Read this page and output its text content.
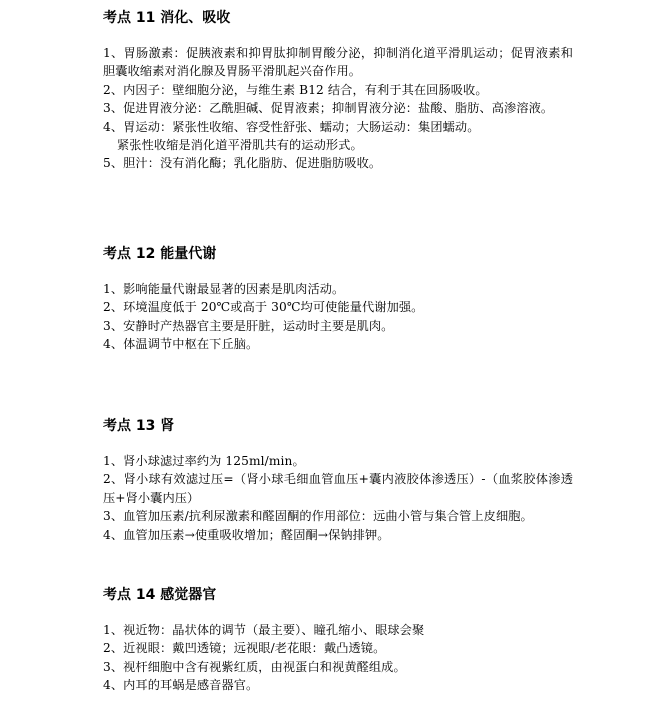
考点 11 消化、吸收
1、胃肠激素：促胰液素和抑胃肽抑制胃酸分泌，抑制消化道平滑肌运动；促胃液素和胆囊收缩素对消化腺及胃肠平滑肌起兴奋作用。
2、内因子：壁细胞分泌，与维生素 B12 结合，有利于其在回肠吸收。
3、促进胃液分泌：乙酰胆碱、促胃液素；抑制胃液分泌：盐酸、脂肪、高渗溶液。
4、胃运动：紧张性收缩、容受性舒张、蠕动；大肠运动：集团蠕动。
紧张性收缩是消化道平滑肌共有的运动形式。
5、胆汁：没有消化酶；乳化脂肪、促进脂肪吸收。
考点 12 能量代谢
1、影响能量代谢最显著的因素是肌肉活动。
2、环境温度低于 20℃或高于 30℃均可使能量代谢加强。
3、安静时产热器官主要是肝脏，运动时主要是肌肉。
4、体温调节中枢在下丘脑。
考点 13 肾
1、肾小球滤过率约为 125ml/min。
2、肾小球有效滤过压=（肾小球毛细血管血压+囊内液胶体渗透压）-（血浆胶体渗透压+肾小囊内压）
3、血管加压素/抗利尿激素和醛固酮的作用部位：远曲小管与集合管上皮细胞。
4、血管加压素→使重吸收增加；醛固酮→保钠排钾。
考点 14 感觉器官
1、视近物：晶状体的调节（最主要）、瞳孔缩小、眼球会聚
2、近视眼：戴凹透镜；远视眼/老花眼：戴凸透镜。
3、视杆细胞中含有视紫红质，由视蛋白和视黄醛组成。
4、内耳的耳蜗是感音器官。
